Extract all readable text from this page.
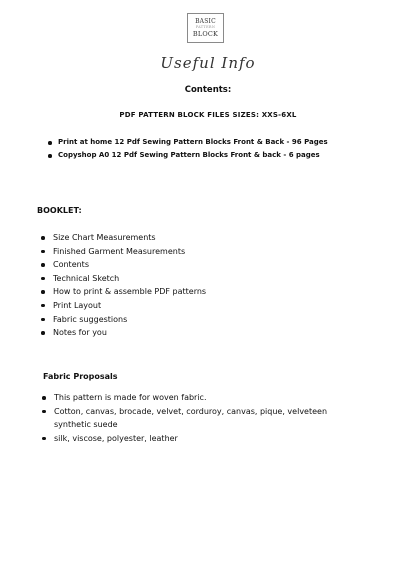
BASIC
PATTERN
BLOCK
Useful Info
Contents:
PDF PATTERN BLOCK FILES SIZES: XXS-6XL
Print at home 12 Pdf Sewing Pattern Blocks Front & Back - 96 Pages
Copyshop A0 12 Pdf Sewing Pattern Blocks Front & back - 6 pages
BOOKLET:
Size Chart Measurements
Finished Garment Measurements
Contents
Technical Sketch
How to print & assemble PDF patterns
Print Layout
Fabric suggestions
Notes for you
Fabric Proposals
This pattern is made for woven fabric.
Cotton, canvas, brocade, velvet, corduroy, canvas, pique, velveteen
synthetic suede
silk, viscose, polyester, leather
